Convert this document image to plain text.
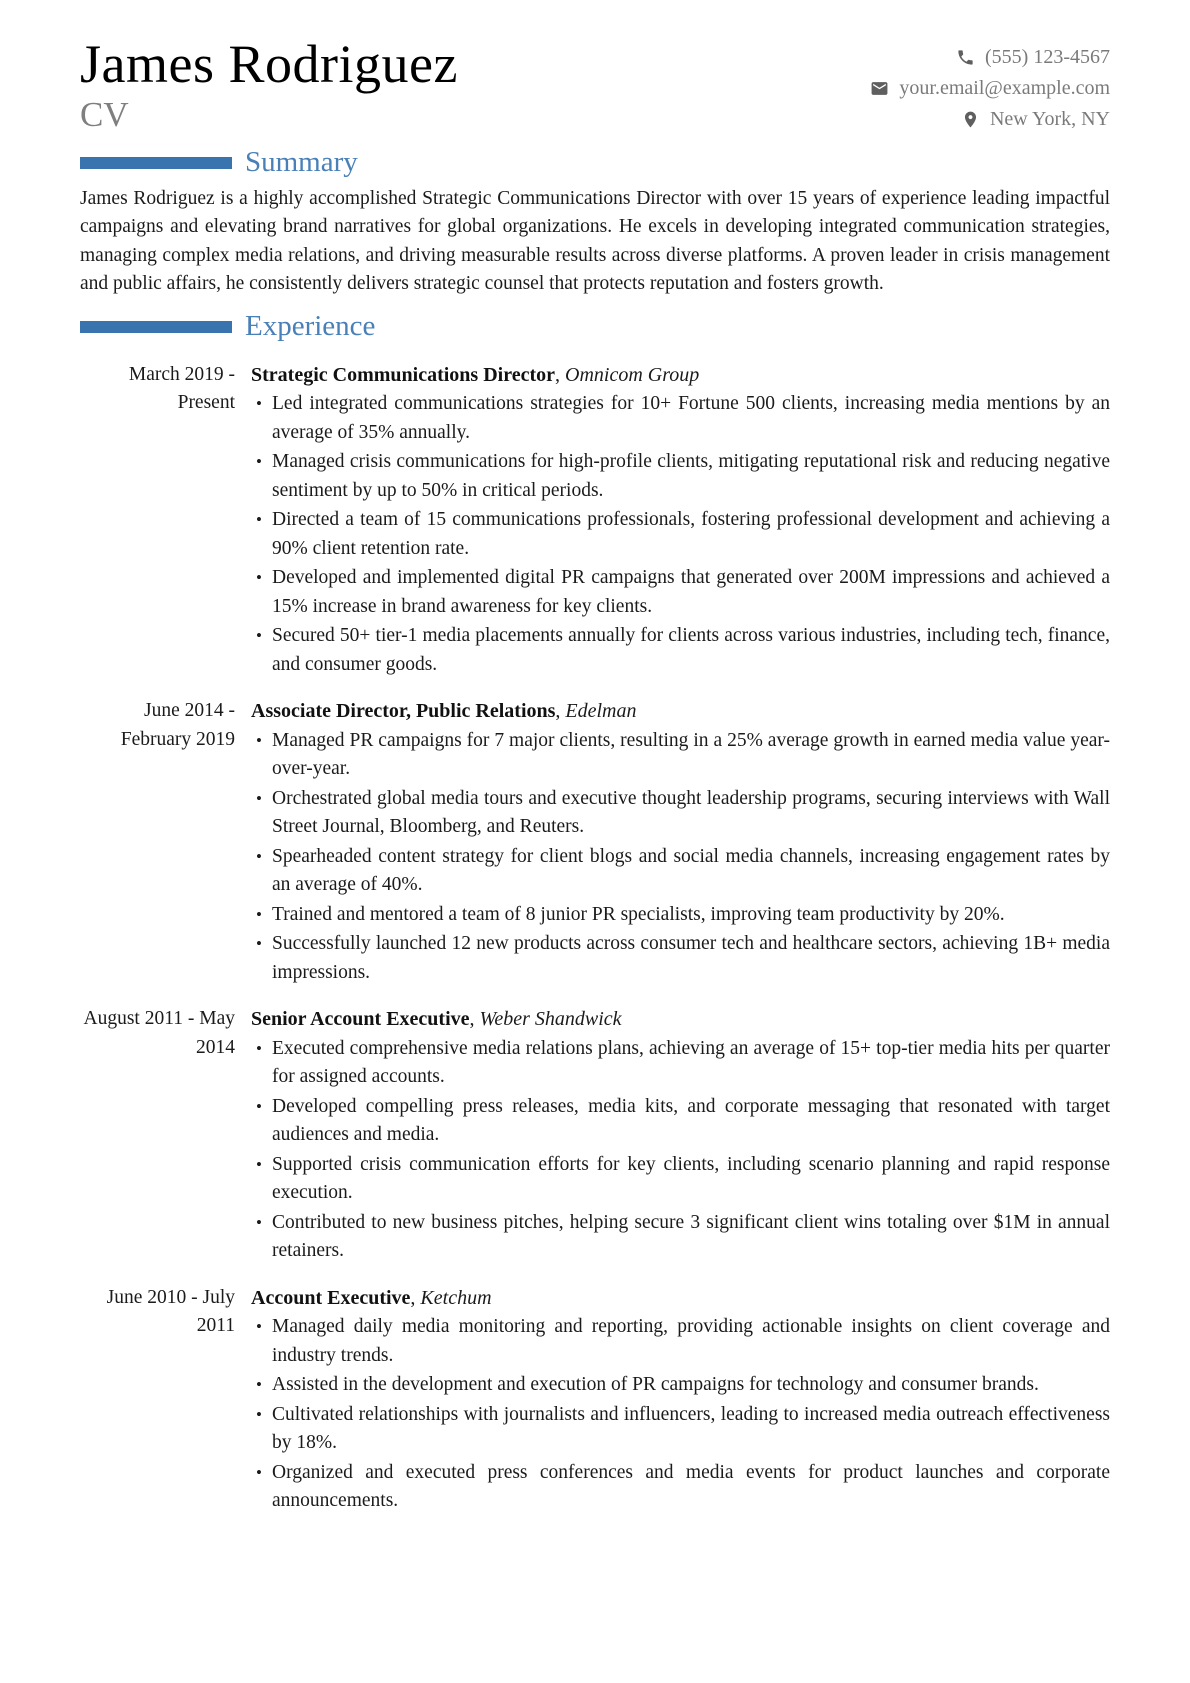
James Rodriguez
CV
(555) 123-4567
your.email@example.com
New York, NY
Summary

James Rodriguez is a highly accomplished Strategic Communications Director with over 15 years of experience leading impactful campaigns and elevating brand narratives for global organizations. He excels in developing integrated communication strategies, managing complex media relations, and driving measurable results across diverse platforms. A proven leader in crisis management and public affairs, he consistently delivers strategic counsel that protects reputation and fosters growth.

Experience
March 2019 - Present
Strategic Communications Director, Omnicom Group
• Led integrated communications strategies for 10+ Fortune 500 clients, increasing media mentions by an average of 35% annually.
• Managed crisis communications for high-profile clients, mitigating reputational risk and reducing negative sentiment by up to 50% in critical periods.
• Directed a team of 15 communications professionals, fostering professional development and achieving a 90% client retention rate.
• Developed and implemented digital PR campaigns that generated over 200M impressions and achieved a 15% increase in brand awareness for key clients.
• Secured 50+ tier-1 media placements annually for clients across various industries, including tech, finance, and consumer goods.
June 2014 - February 2019
Associate Director, Public Relations, Edelman
• Managed PR campaigns for 7 major clients, resulting in a 25% average growth in earned media value year-over-year.
• Orchestrated global media tours and executive thought leadership programs, securing interviews with Wall Street Journal, Bloomberg, and Reuters.
• Spearheaded content strategy for client blogs and social media channels, increasing engagement rates by an average of 40%.
• Trained and mentored a team of 8 junior PR specialists, improving team productivity by 20%.
• Successfully launched 12 new products across consumer tech and healthcare sectors, achieving 1B+ media impressions.
August 2011 - May 2014
Senior Account Executive, Weber Shandwick
• Executed comprehensive media relations plans, achieving an average of 15+ top-tier media hits per quarter for assigned accounts.
• Developed compelling press releases, media kits, and corporate messaging that resonated with target audiences and media.
• Supported crisis communication efforts for key clients, including scenario planning and rapid response execution.
• Contributed to new business pitches, helping secure 3 significant client wins totaling over $1M in annual retainers.
June 2010 - July 2011
Account Executive, Ketchum
• Managed daily media monitoring and reporting, providing actionable insights on client coverage and industry trends.
• Assisted in the development and execution of PR campaigns for technology and consumer brands.
• Cultivated relationships with journalists and influencers, leading to increased media outreach effectiveness by 18%.
• Organized and executed press conferences and media events for product launches and corporate announcements.
